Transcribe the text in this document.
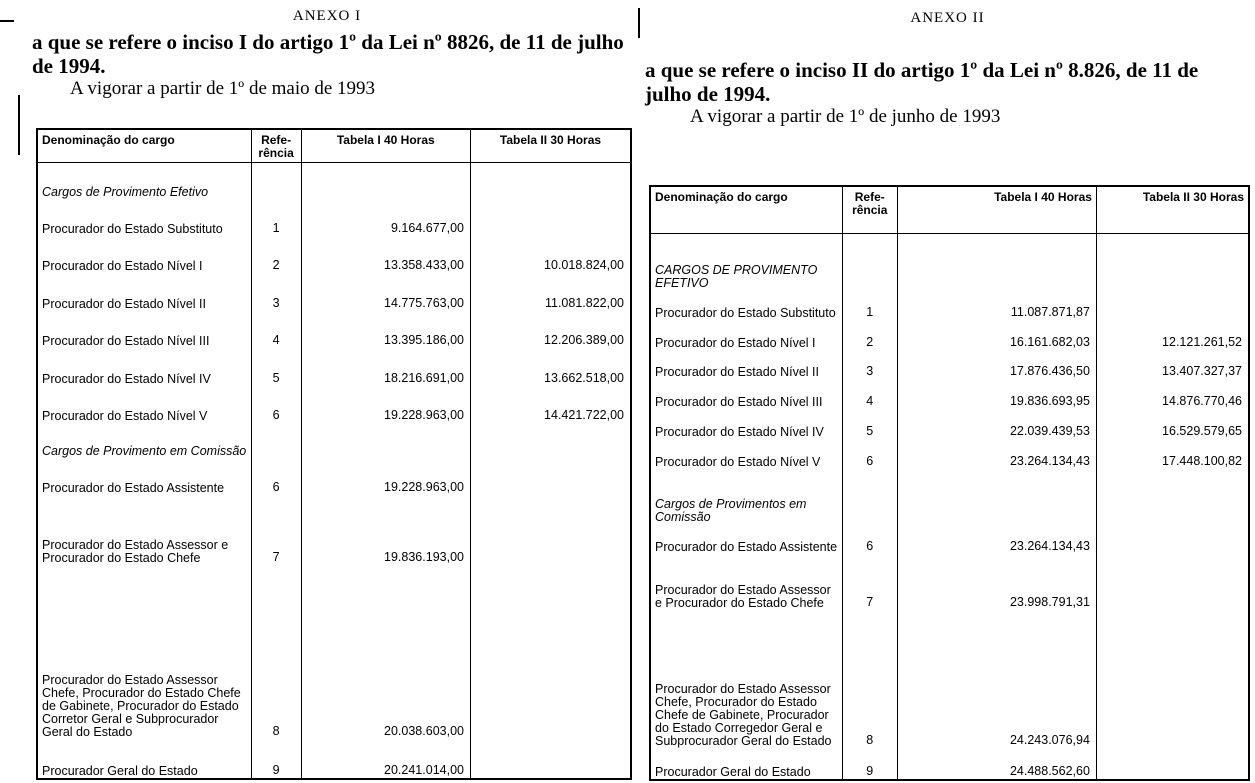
ANEXO I

a que se refere o inciso I do artigo 1º da Lei nº 8826, de 11 de julho de 1994.

A vigorar a partir de 1º de maio de 1993

Denominação do cargo	Refe-rência	Tabela I 40 Horas	Tabela II 30 Horas
Cargos de Provimento Efetivo			
Procurador do Estado Substituto	1	9.164.677,00	
Procurador do Estado Nível I	2	13.358.433,00	10.018.824,00
Procurador do Estado Nível II	3	14.775.763,00	11.081.822,00
Procurador do Estado Nível III	4	13.395.186,00	12.206.389,00
Procurador do Estado Nível IV	5	18.216.691,00	13.662.518,00
Procurador do Estado Nível V	6	19.228.963,00	14.421.722,00
Cargos de Provimento em Comissão			
Procurador do Estado Assistente	6	19.228.963,00	
Procurador do Estado Assessor e Procurador do Estado Chefe	7	19.836.193,00	
Procurador do Estado Assessor Chefe, Procurador do Estado Chefe de Gabinete, Procurador do Estado Corretor Geral e Subprocurador Geral do Estado	8	20.038.603,00	
Procurador Geral do Estado	9	20.241.014,00	

ANEXO II

a que se refere o inciso II do artigo 1º da Lei nº 8.826, de 11 de julho de 1994.

A vigorar a partir de 1º de junho de 1993

Denominação do cargo	Refe-rência	Tabela I 40 Horas	Tabela II 30 Horas
CARGOS DE PROVIMENTO EFETIVO			
Procurador do Estado Substituto	1	11.087.871,87	
Procurador do Estado Nível I	2	16.161.682,03	12.121.261,52
Procurador do Estado Nível II	3	17.876.436,50	13.407.327,37
Procurador do Estado Nível III	4	19.836.693,95	14.876.770,46
Procurador do Estado Nível IV	5	22.039.439,53	16.529.579,65
Procurador do Estado Nível V	6	23.264.134,43	17.448.100,82
Cargos de Provimentos em Comissão			
Procurador do Estado Assistente	6	23.264.134,43	
Procurador do Estado Assessor e Procurador do Estado Chefe	7	23.998.791,31	
Procurador do Estado Assessor Chefe, Procurador do Estado Chefe de Gabinete, Procurador do Estado Corregedor Geral e Subprocurador Geral do Estado	8	24.243.076,94	
Procurador Geral do Estado	9	24.488.562,60	
